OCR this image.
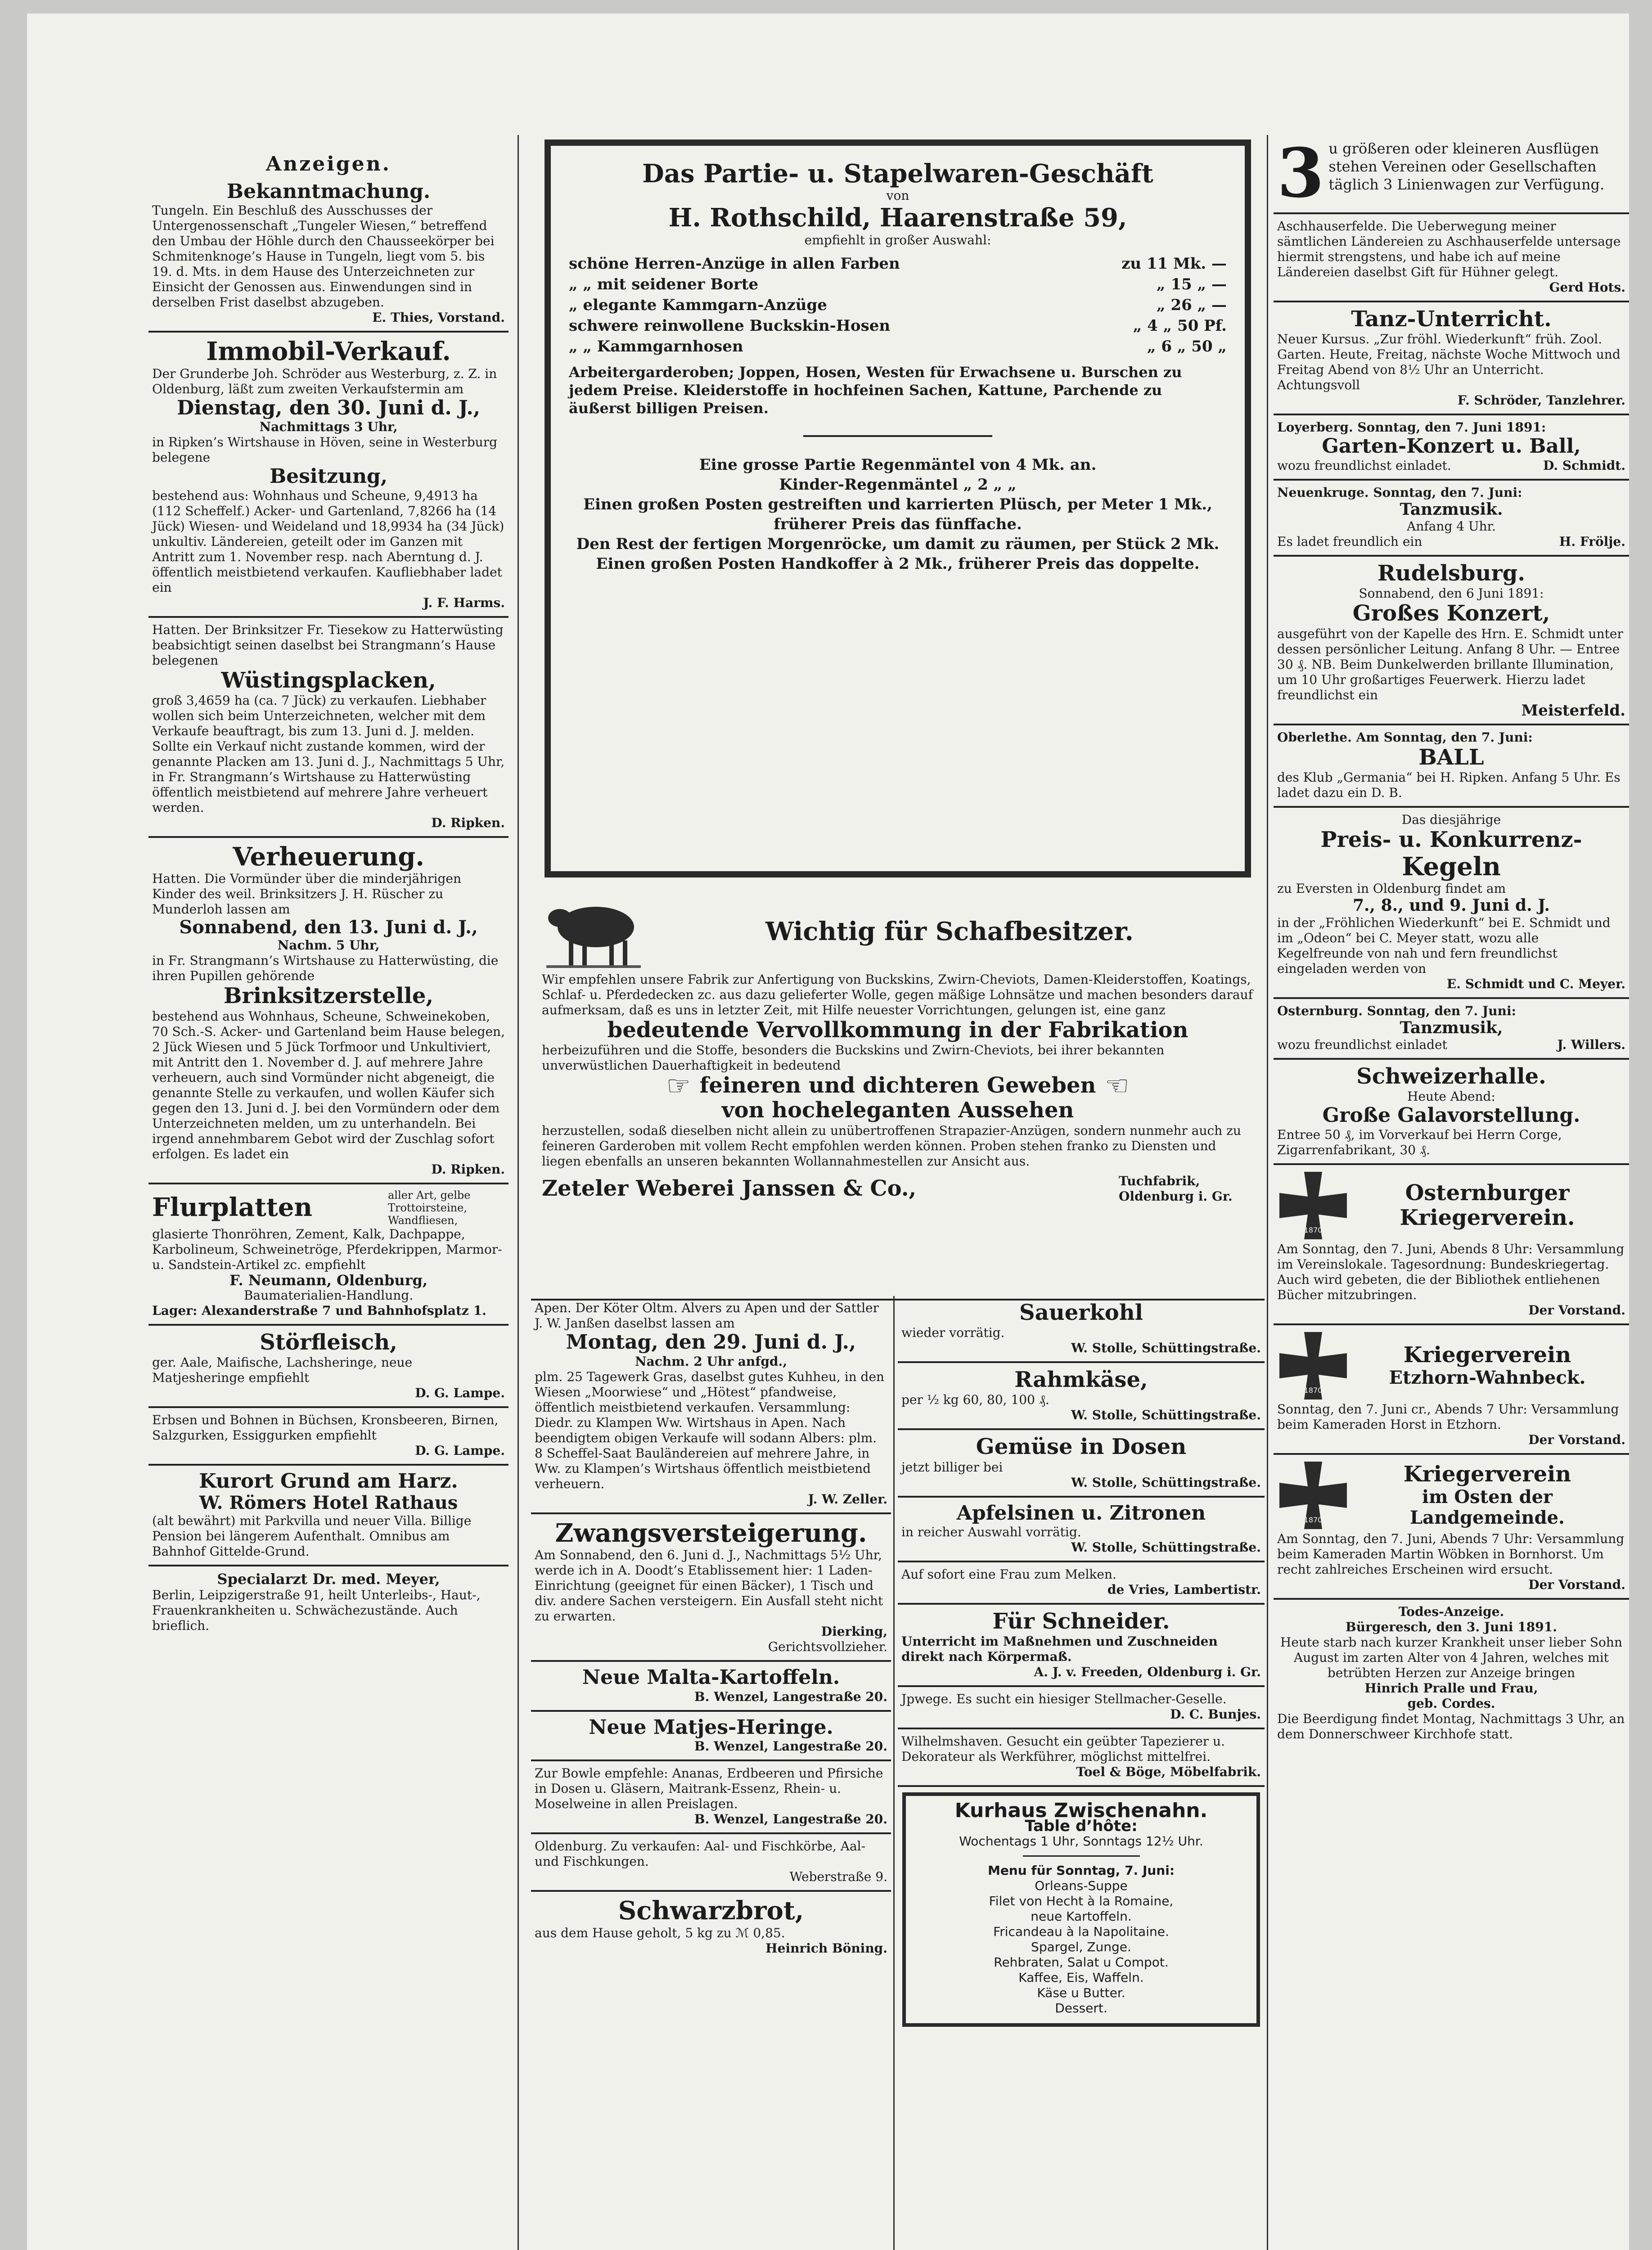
Anzeigen.
Bekanntmachung.

Tungeln. Ein Beschluß des Ausschusses der Untergenossenschaft „Tungeler Wiesen,“ betreffend den Umbau der Höhle durch den Chausseekörper bei Schmitenknoge’s Hause in Tungeln, liegt vom 5. bis 19. d. Mts. in dem Hause des Unterzeichneten zur Einsicht der Genossen aus. Einwendungen sind in derselben Frist daselbst abzugeben.

E. Thies, Vorstand.

Immobil-Verkauf.

Der Grunderbe Joh. Schröder aus Westerburg, z. Z. in Oldenburg, läßt zum zweiten Verkaufstermin am

Dienstag, den 30. Juni d. J.,

Nachmittags 3 Uhr,

in Ripken’s Wirtshause in Höven, seine in Westerburg belegene

Besitzung,

bestehend aus: Wohnhaus und Scheune, 9,4913 ha (112 Scheffelf.) Acker- und Gartenland, 7,8266 ha (14 Jück) Wiesen- und Weideland und 18,9934 ha (34 Jück) unkultiv. Ländereien, geteilt oder im Ganzen mit Antritt zum 1. November resp. nach Aberntung d. J. öffentlich meistbietend verkaufen. Kaufliebhaber ladet ein

J. F. Harms.

Hatten. Der Brinksitzer Fr. Tiesekow zu Hatterwüsting beabsichtigt seinen daselbst bei Strangmann’s Hause belegenen

Wüstingsplacken,

groß 3,4659 ha (ca. 7 Jück) zu verkaufen. Liebhaber wollen sich beim Unterzeichneten, welcher mit dem Verkaufe beauftragt, bis zum 13. Juni d. J. melden. Sollte ein Verkauf nicht zustande kommen, wird der genannte Placken am 13. Juni d. J., Nachmittags 5 Uhr, in Fr. Strangmann’s Wirtshause zu Hatterwüsting öffentlich meistbietend auf mehrere Jahre verheuert werden.

D. Ripken.

Verheuerung.

Hatten. Die Vormünder über die minderjährigen Kinder des weil. Brinksitzers J. H. Rüscher zu Munderloh lassen am

Sonnabend, den 13. Juni d. J.,

Nachm. 5 Uhr,

in Fr. Strangmann’s Wirtshause zu Hatterwüsting, die ihren Pupillen gehörende

Brinksitzerstelle,

bestehend aus Wohnhaus, Scheune, Schweinekoben, 70 Sch.-S. Acker- und Gartenland beim Hause belegen, 2 Jück Wiesen und 5 Jück Torfmoor und Unkultiviert, mit Antritt den 1. November d. J. auf mehrere Jahre verheuern, auch sind Vormünder nicht abgeneigt, die genannte Stelle zu verkaufen, und wollen Käufer sich gegen den 13. Juni d. J. bei den Vormündern oder dem Unterzeichneten melden, um zu unterhandeln. Bei irgend annehmbarem Gebot wird der Zuschlag sofort erfolgen. Es ladet ein

D. Ripken.

Flurplatten	aller Art, gelbe Trottoirsteine, Wandfliesen,

glasierte Thonröhren, Zement, Kalk, Dachpappe, Karbolineum, Schweinetröge, Pferdekrippen, Marmor- u. Sandstein-Artikel zc. empfiehlt

F. Neumann, Oldenburg,

Baumaterialien-Handlung.

Lager: Alexanderstraße 7 und Bahnhofsplatz 1.

Störfleisch,

ger. Aale, Maifische, Lachsheringe, neue Matjesheringe empfiehlt

D. G. Lampe.

Erbsen und Bohnen in Büchsen, Kronsbeeren, Birnen, Salzgurken, Essiggurken empfiehlt

D. G. Lampe.

Kurort Grund am Harz.
W. Römers Hotel Rathaus

(alt bewährt) mit Parkvilla und neuer Villa. Billige Pension bei längerem Aufenthalt. Omnibus am Bahnhof Gittelde-Grund.

Specialarzt Dr. med. Meyer,

Berlin, Leipzigerstraße 91, heilt Unterleibs-, Haut-, Frauenkrankheiten u. Schwächezustände. Auch brieflich.

Das Partie- u. Stapelwaren-Geschäft

von

H. Rothschild, Haarenstraße 59,

empfiehlt in großer Auswahl:

schöne Herren-Anzüge in allen Farben	zu 11 Mk. —
„ „ mit seidener Borte	„ 15 „ —
„ elegante Kammgarn-Anzüge	„ 26 „ —
schwere reinwollene Buckskin-Hosen	„ 4 „ 50 Pf.
„ „ Kammgarnhosen	„ 6 „ 50 „

Arbeitergarderoben; Joppen, Hosen, Westen für Erwachsene u. Burschen zu jedem Preise. Kleiderstoffe in hochfeinen Sachen, Kattune, Parchende zu äußerst billigen Preisen.

Eine grosse Partie Regenmäntel von 4 Mk. an.

Kinder-Regenmäntel „ 2 „ „

Einen großen Posten gestreiften und karrierten Plüsch, per Meter 1 Mk., früherer Preis das fünffache.

Den Rest der fertigen Morgenröcke, um damit zu räumen, per Stück 2 Mk.

Einen großen Posten Handkoffer à 2 Mk., früherer Preis das doppelte.

Wichtig für Schafbesitzer.

Wir empfehlen unsere Fabrik zur Anfertigung von Buckskins, Zwirn-Cheviots, Damen-Kleiderstoffen, Koatings, Schlaf- u. Pferdedecken zc. aus dazu gelieferter Wolle, gegen mäßige Lohnsätze und machen besonders darauf aufmerksam, daß es uns in letzter Zeit, mit Hilfe neuester Vorrichtungen, gelungen ist, eine ganz

bedeutende Vervollkommung in der Fabrikation

herbeizuführen und die Stoffe, besonders die Buckskins und Zwirn-Cheviots, bei ihrer bekannten unverwüstlichen Dauerhaftigkeit in bedeutend

☞ feineren und dichteren Geweben ☜
von hocheleganten Aussehen

herzustellen, sodaß dieselben nicht allein zu unübertroffenen Strapazier-Anzügen, sondern nunmehr auch zu feineren Garderoben mit vollem Recht empfohlen werden können. Proben stehen franko zu Diensten und liegen ebenfalls an unseren bekannten Wollannahmestellen zur Ansicht aus.

Zeteler Weberei Janssen & Co.,	Tuchfabrik, Oldenburg i. Gr.

Apen. Der Köter Oltm. Alvers zu Apen und der Sattler J. W. Janßen daselbst lassen am

Montag, den 29. Juni d. J.,

Nachm. 2 Uhr anfgd.,

plm. 25 Tagewerk Gras, daselbst gutes Kuhheu, in den Wiesen „Moorwiese“ und „Hötest“ pfandweise, öffentlich meistbietend verkaufen. Versammlung: Diedr. zu Klampen Ww. Wirtshaus in Apen. Nach beendigtem obigen Verkaufe will sodann Albers: plm. 8 Scheffel-Saat Bauländereien auf mehrere Jahre, in Ww. zu Klampen’s Wirtshaus öffentlich meistbietend verheuern.

J. W. Zeller.

Zwangsversteigerung.

Am Sonnabend, den 6. Juni d. J., Nachmittags 5½ Uhr, werde ich in A. Doodt’s Etablissement hier: 1 Laden-Einrichtung (geeignet für einen Bäcker), 1 Tisch und div. andere Sachen versteigern. Ein Ausfall steht nicht zu erwarten.

Dierking,

Gerichtsvollzieher.

Neue Malta-Kartoffeln.

B. Wenzel, Langestraße 20.

Neue Matjes-Heringe.

B. Wenzel, Langestraße 20.

Zur Bowle empfehle: Ananas, Erdbeeren und Pfirsiche in Dosen u. Gläsern, Maitrank-Essenz, Rhein- u. Moselweine in allen Preislagen.

B. Wenzel, Langestraße 20.

Oldenburg. Zu verkaufen: Aal- und Fischkörbe, Aal- und Fischkungen.

Weberstraße 9.

Schwarzbrot,

aus dem Hause geholt, 5 kg zu ℳ 0,85.

Heinrich Böning.

Sauerkohl

wieder vorrätig.

W. Stolle, Schüttingstraße.

Rahmkäse,

per ½ kg 60, 80, 100 ₰.

W. Stolle, Schüttingstraße.

Gemüse in Dosen

jetzt billiger bei

W. Stolle, Schüttingstraße.

Apfelsinen u. Zitronen

in reicher Auswahl vorrätig.

W. Stolle, Schüttingstraße.

Auf sofort eine Frau zum Melken.

de Vries, Lambertistr.

Für Schneider.

Unterricht im Maßnehmen und Zuschneiden direkt nach Körpermaß.

A. J. v. Freeden, Oldenburg i. Gr.

Jpwege. Es sucht ein hiesiger Stellmacher-Geselle.

D. C. Bunjes.

Wilhelmshaven. Gesucht ein geübter Tapezierer u. Dekorateur als Werkführer, möglichst mittelfrei.

Toel & Böge, Möbelfabrik.

Kurhaus Zwischenahn.
Table d’hôte:

Wochentags 1 Uhr, Sonntags 12½ Uhr.

Menu für Sonntag, 7. Juni:

Orleans-Suppe

Filet von Hecht à la Romaine,

neue Kartoffeln.

Fricandeau à la Napolitaine.

Spargel, Zunge.

Rehbraten, Salat u Compot.

Kaffee, Eis, Waffeln.

Käse u Butter.

Dessert.

3 u größeren oder kleineren Ausflügen stehen Vereinen oder Gesellschaften täglich 3 Linienwagen zur Verfügung.

Aschhauserfelde. Die Ueberwegung meiner sämtlichen Ländereien zu Aschhauserfelde untersage hiermit strengstens, und habe ich auf meine Ländereien daselbst Gift für Hühner gelegt.

Gerd Hots.

Tanz-Unterricht.

Neuer Kursus. „Zur fröhl. Wiederkunft“ früh. Zool. Garten. Heute, Freitag, nächste Woche Mittwoch und Freitag Abend von 8½ Uhr an Unterricht. Achtungsvoll

F. Schröder, Tanzlehrer.

Loyerberg. Sonntag, den 7. Juni 1891:

Garten-Konzert u. Ball,

wozu freundlichst einladet.	D. Schmidt.

Neuenkruge. Sonntag, den 7. Juni:

Tanzmusik.

Anfang 4 Uhr.

Es ladet freundlich ein	H. Frölje.

Rudelsburg.

Sonnabend, den 6 Juni 1891:

Großes Konzert,

ausgeführt von der Kapelle des Hrn. E. Schmidt unter dessen persönlicher Leitung. Anfang 8 Uhr. — Entree 30 ₰. NB. Beim Dunkelwerden brillante Illumination, um 10 Uhr großartiges Feuerwerk. Hierzu ladet freundlichst ein

Meisterfeld.

Oberlethe. Am Sonntag, den 7. Juni:

BALL

des Klub „Germania“ bei H. Ripken. Anfang 5 Uhr. Es ladet dazu ein D. B.

Das diesjährige

Preis- u. Konkurrenz-
Kegeln

zu Eversten in Oldenburg findet am

7., 8., und 9. Juni d. J.

in der „Fröhlichen Wiederkunft“ bei E. Schmidt und im „Odeon“ bei C. Meyer statt, wozu alle Kegelfreunde von nah und fern freundlichst eingeladen werden von

E. Schmidt und C. Meyer.

Osternburg. Sonntag, den 7. Juni:

Tanzmusik,

wozu freundlichst einladet	J. Willers.

Schweizerhalle.

Heute Abend:

Große Galavorstellung.

Entree 50 ₰, im Vorverkauf bei Herrn Corge, Zigarrenfabrikant, 30 ₰.

1870
Osternburger
Kriegerverein.

Am Sonntag, den 7. Juni, Abends 8 Uhr: Versammlung im Vereinslokale. Tagesordnung: Bundeskriegertag. Auch wird gebeten, die der Bibliothek entliehenen Bücher mitzubringen.

Der Vorstand.

1870
Kriegerverein
Etzhorn-Wahnbeck.

Sonntag, den 7. Juni cr., Abends 7 Uhr: Versammlung beim Kameraden Horst in Etzhorn.

Der Vorstand.

1870
Kriegerverein
im Osten der Landgemeinde.

Am Sonntag, den 7. Juni, Abends 7 Uhr: Versammlung beim Kameraden Martin Wöbken in Bornhorst. Um recht zahlreiches Erscheinen wird ersucht.

Der Vorstand.

Todes-Anzeige.

Bürgeresch, den 3. Juni 1891.

Heute starb nach kurzer Krankheit unser lieber Sohn August im zarten Alter von 4 Jahren, welches mit betrübten Herzen zur Anzeige bringen

Hinrich Pralle und Frau,

geb. Cordes.

Die Beerdigung findet Montag, Nachmittags 3 Uhr, an dem Donnerschweer Kirchhofe statt.
